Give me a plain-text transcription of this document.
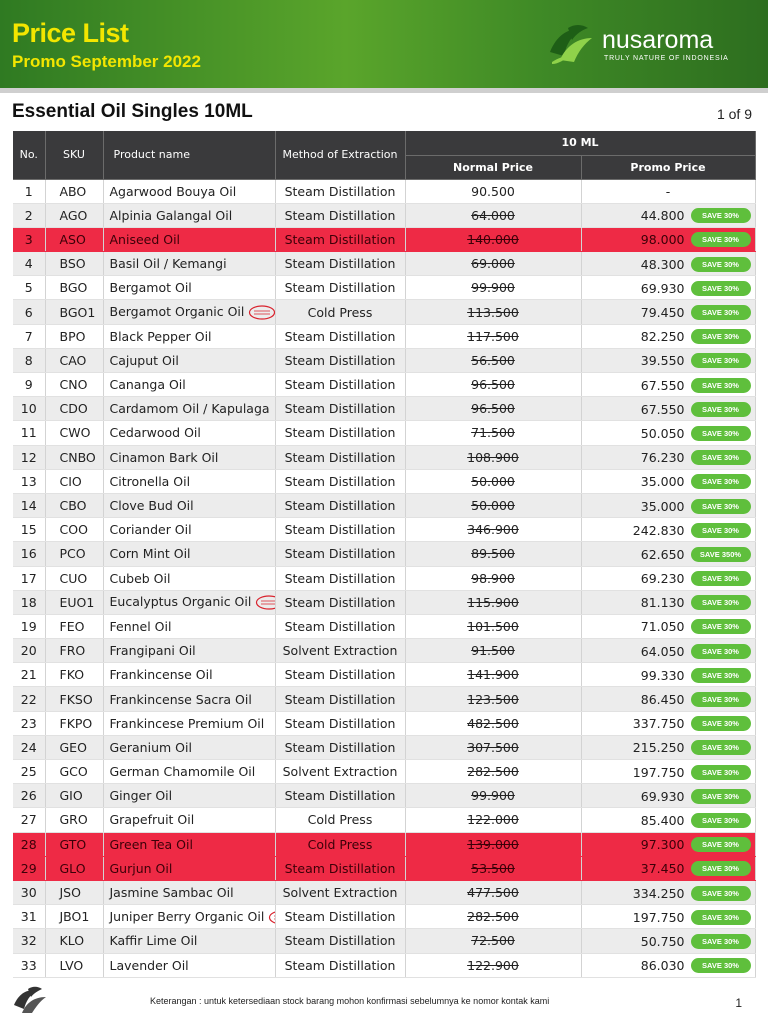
Price List
Promo September 2022
nusaroma
TRULY NATURE OF INDONESIA
Essential Oil Singles 10ML	1 of 9
No.	SKU	Product name	Method of Extraction	10 ML	
				Normal Price	Promo Price
1	ABO	Agarwood Bouya Oil	Steam Distillation	90.500	-
2	AGO	Alpinia Galangal Oil	Steam Distillation	64.000	44.800 SAVE 30%
3	ASO	Aniseed Oil	Steam Distillation	140.000	98.000 SAVE 30%
4	BSO	Basil Oil / Kemangi	Steam Distillation	69.000	48.300 SAVE 30%
5	BGO	Bergamot Oil	Steam Distillation	99.900	69.930 SAVE 30%
6	BGO1	Bergamot Organic Oil	Cold Press	113.500	79.450 SAVE 30%
7	BPO	Black Pepper Oil	Steam Distillation	117.500	82.250 SAVE 30%
8	CAO	Cajuput Oil	Steam Distillation	56.500	39.550 SAVE 30%
9	CNO	Cananga Oil	Steam Distillation	96.500	67.550 SAVE 30%
10	CDO	Cardamom Oil / Kapulaga	Steam Distillation	96.500	67.550 SAVE 30%
11	CWO	Cedarwood Oil	Steam Distillation	71.500	50.050 SAVE 30%
12	CNBO	Cinamon Bark Oil	Steam Distillation	108.900	76.230 SAVE 30%
13	CIO	Citronella Oil	Steam Distillation	50.000	35.000 SAVE 30%
14	CBO	Clove Bud Oil	Steam Distillation	50.000	35.000 SAVE 30%
15	COO	Coriander Oil	Steam Distillation	346.900	242.830 SAVE 30%
16	PCO	Corn Mint Oil	Steam Distillation	89.500	62.650 SAVE 350%
17	CUO	Cubeb Oil	Steam Distillation	98.900	69.230 SAVE 30%
18	EUO1	Eucalyptus Organic Oil	Steam Distillation	115.900	81.130 SAVE 30%
19	FEO	Fennel Oil	Steam Distillation	101.500	71.050 SAVE 30%
20	FRO	Frangipani Oil	Solvent Extraction	91.500	64.050 SAVE 30%
21	FKO	Frankincense Oil	Steam Distillation	141.900	99.330 SAVE 30%
22	FKSO	Frankincense Sacra Oil	Steam Distillation	123.500	86.450 SAVE 30%
23	FKPO	Frankincese Premium Oil	Steam Distillation	482.500	337.750 SAVE 30%
24	GEO	Geranium Oil	Steam Distillation	307.500	215.250 SAVE 30%
25	GCO	German Chamomile Oil	Solvent Extraction	282.500	197.750 SAVE 30%
26	GIO	Ginger Oil	Steam Distillation	99.900	69.930 SAVE 30%
27	GRO	Grapefruit Oil	Cold Press	122.000	85.400 SAVE 30%
28	GTO	Green Tea Oil	Cold Press	139.000	97.300 SAVE 30%
29	GLO	Gurjun Oil	Steam Distillation	53.500	37.450 SAVE 30%
30	JSO	Jasmine Sambac Oil	Solvent Extraction	477.500	334.250 SAVE 30%
31	JBO1	Juniper Berry Organic Oil	Steam Distillation	282.500	197.750 SAVE 30%
32	KLO	Kaffir Lime Oil	Steam Distillation	72.500	50.750 SAVE 30%
33	LVO	Lavender Oil	Steam Distillation	122.900	86.030 SAVE 30%
Keterangan : untuk ketersediaan stock barang mohon konfirmasi sebelumnya ke nomor kontak kami	1
